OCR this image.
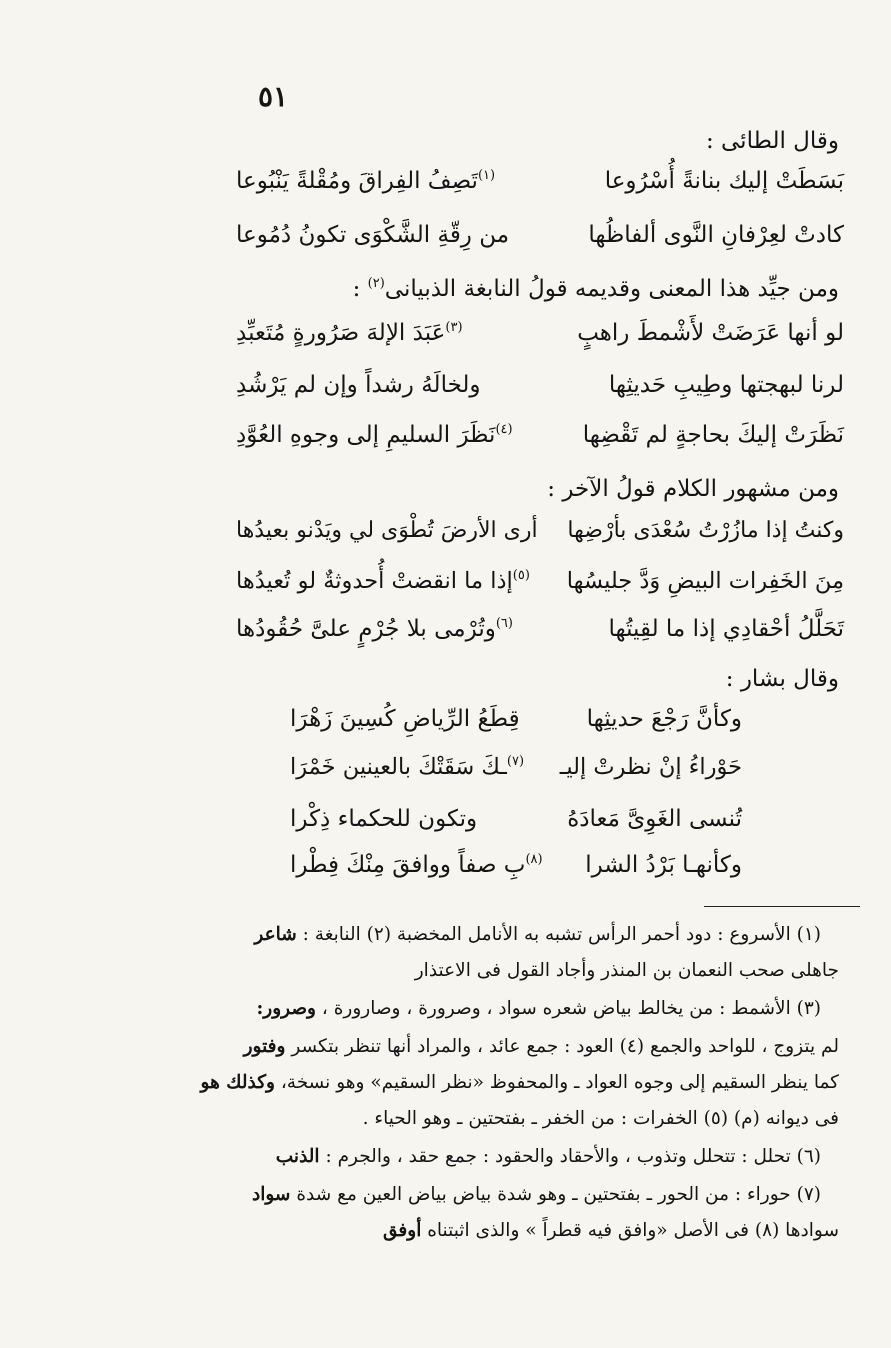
٥١
وقال الطائى :
بَسَطَتْ إليك بنانةً أُسْرُوعا
$^{(١)}$تَصِفُ الفِراقَ ومُقْلةً يَنْبُوعا
كادتْ لعِرْفانِ النَّوى ألفاظُها
من رِقّةِ الشَّكْوَى تكونُ دُمُوعا
ومن جيِّد هذا المعنى وقديمه قولُ النابغة الذبيانى$^{(٢)}$ :
لو أنها عَرَضَتْ لأَشْمطَ راهبٍ
$^{(٣)}$عَبَدَ الإلهَ صَرُورةٍ مُتَعبِّدِ
لرنا لبهجتها وطِيبِ حَديثِها
ولخالَهُ رشداً وإن لم يَرْشُدِ
نَظَرَتْ إليكَ بحاجةٍ لم تَقْضِها
$^{(٤)}$نَظَرَ السليمِ إلى وجوهِ العُوَّدِ
ومن مشهور الكلام قولُ الآخر :
وكنتُ إذا مازُرْتُ سُعْدَى بأرْضِها
أرى الأرضَ تُطْوَى لي ويَدْنو بعيدُها
مِنَ الخَفِرات البيضِ وَدَّ جليسُها
$^{(٥)}$إذا ما انقضتْ أُحدوثةٌ لو تُعيدُها
تَحَلَّلُ أحْقادِي إذا ما لقِيتُها
$^{(٦)}$وتُرْمى بلا جُرْمٍ علىَّ حُقُودُها
وقال بشار :
وكأنَّ رَجْعَ حديثِها
قِطَعُ الرِّياضِ كُسِينَ زَهْرَا
حَوْراءُ إنْ نظرتْ إليـ
$^{(٧)}$ـكَ سَقَتْكَ بالعينين خَمْرَا
تُنسى الغَوِىَّ مَعادَهُ
وتكون للحكماء ذِكْرا
وكأنهـا بَرْدُ الشرا
$^{(٨)}$بِ صفاً ووافقَ مِنْكَ فِطْرا
(١) الأسروع : دود أحمر الرأس تشبه به الأنامل المخضبة (٢) النابغة : شاعر
جاهلى صحب النعمان بن المنذر وأجاد القول فى الاعتذار
(٣) الأشمط : من يخالط بياض شعره سواد ، وصرورة ، وصارورة ، وصرور:
لم يتزوج ، للواحد والجمع (٤) العود : جمع عائد ، والمراد أنها تنظر بتكسر وفتور
كما ينظر السقيم إلى وجوه العواد ـ والمحفوظ «نظر السقيم» وهو نسخة، وكذلك هو
فى ديوانه (م) (٥) الخفرات : من الخفر ـ بفتحتين ـ وهو الحياء .
(٦) تحلل : تتحلل وتذوب ، والأحقاد والحقود : جمع حقد ، والجرم : الذنب
(٧) حوراء : من الحور ـ بفتحتين ـ وهو شدة بياض بياض العين مع شدة سواد
سوادها (٨) فى الأصل «وافق فيه قطراً » والذى اثبتناه أوفق
